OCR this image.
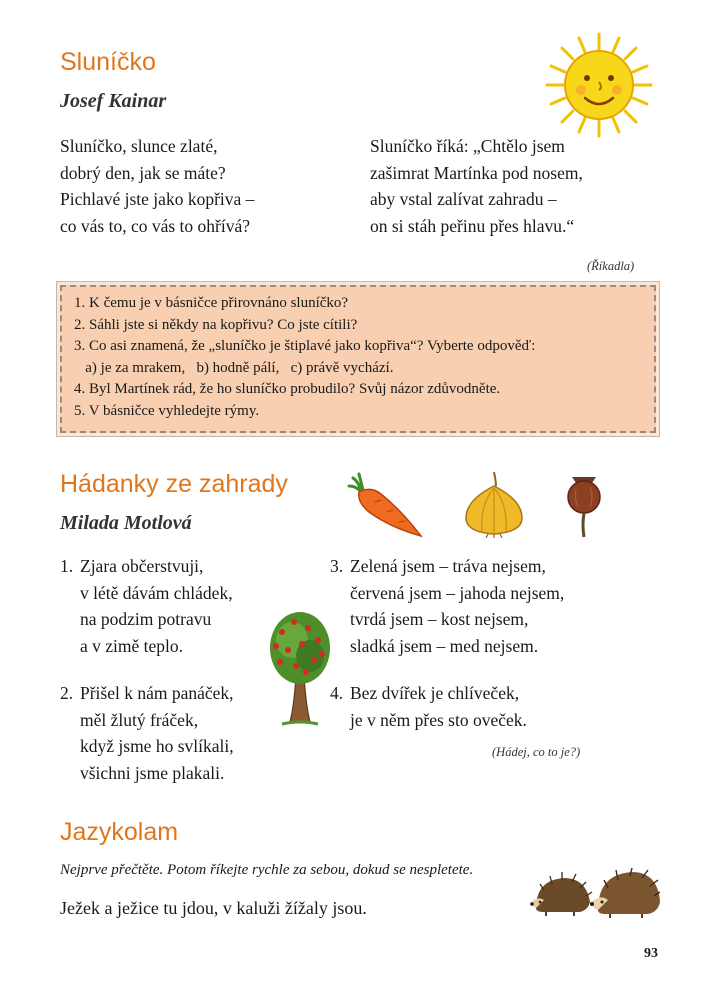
Sluníčko
Josef Kainar
Sluníčko, slunce zlaté,
dobrý den, jak se máte?
Pichlavé jste jako kopřiva –
co vás to, co vás to ohřívá?
Sluníčko říká: „Chtělo jsem
zašimrat Martínka pod nosem,
aby vstal zalívat zahradu –
on si stáh peřinu přes hlavu.“
(Říkadla)
1. K čemu je v básničce přirovnáno sluníčko?
2. Sáhli jste si někdy na kopřivu? Co jste cítili?
3. Co asi znamená, že „sluníčko je štiplavé jako kopřiva“? Vyberte odpověď:
a) je za mrakem,   b) hodně pálí,   c) právě vychází.
4. Byl Martínek rád, že ho sluníčko probudilo? Svůj názor zdůvodněte.
5. V básničce vyhledejte rýmy.
Hádanky ze zahrady
Milada Motlová
1. Zjara občerstvuji,
v létě dávám chládek,
na podzim potravu
a v zimě teplo.
2. Přišel k nám panáček,
měl žlutý fráček,
když jsme ho svlíkali,
všichni jsme plakali.
3. Zelená jsem – tráva nejsem,
červená jsem – jahoda nejsem,
tvrdá jsem – kost nejsem,
sladká jsem – med nejsem.
4. Bez dvířek je chlíveček,
je v něm přes sto oveček.
(Hádej, co to je?)
Jazykolam
Nejprve přečtěte. Potom říkejte rychle za sebou, dokud se nespletete.
Ježek a ježice tu jdou, v kaluži žížaly jsou.
93
